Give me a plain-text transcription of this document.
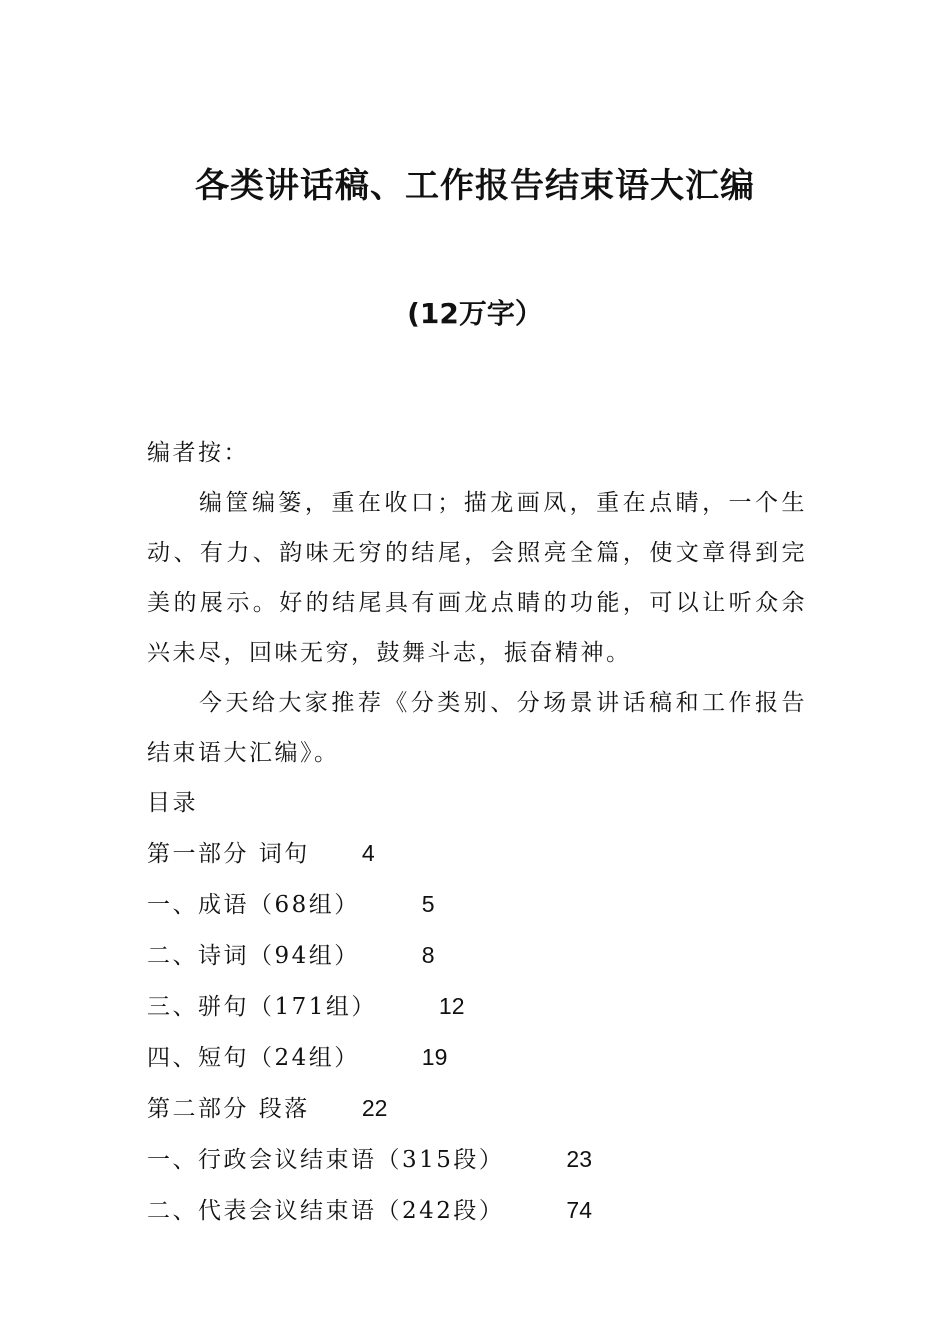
各类讲话稿、工作报告结束语大汇编
(12万字）

编者按：

编筐编篓，重在收口；描龙画凤，重在点睛，一个生动、有力、韵味无穷的结尾，会照亮全篇，使文章得到完美的展示。好的结尾具有画龙点睛的功能，可以让听众余兴未尽，回味无穷，鼓舞斗志，振奋精神。

今天给大家推荐《分类别、分场景讲话稿和工作报告结束语大汇编》。

目录

第一部分 词句 4
一、成语（68组）	5
二、诗词（94组）	8
三、骈句（171组）	12
四、短句（24组）	19
第二部分 段落 22
一、行政会议结束语（315段）	23
二、代表会议结束语（242段）	74
